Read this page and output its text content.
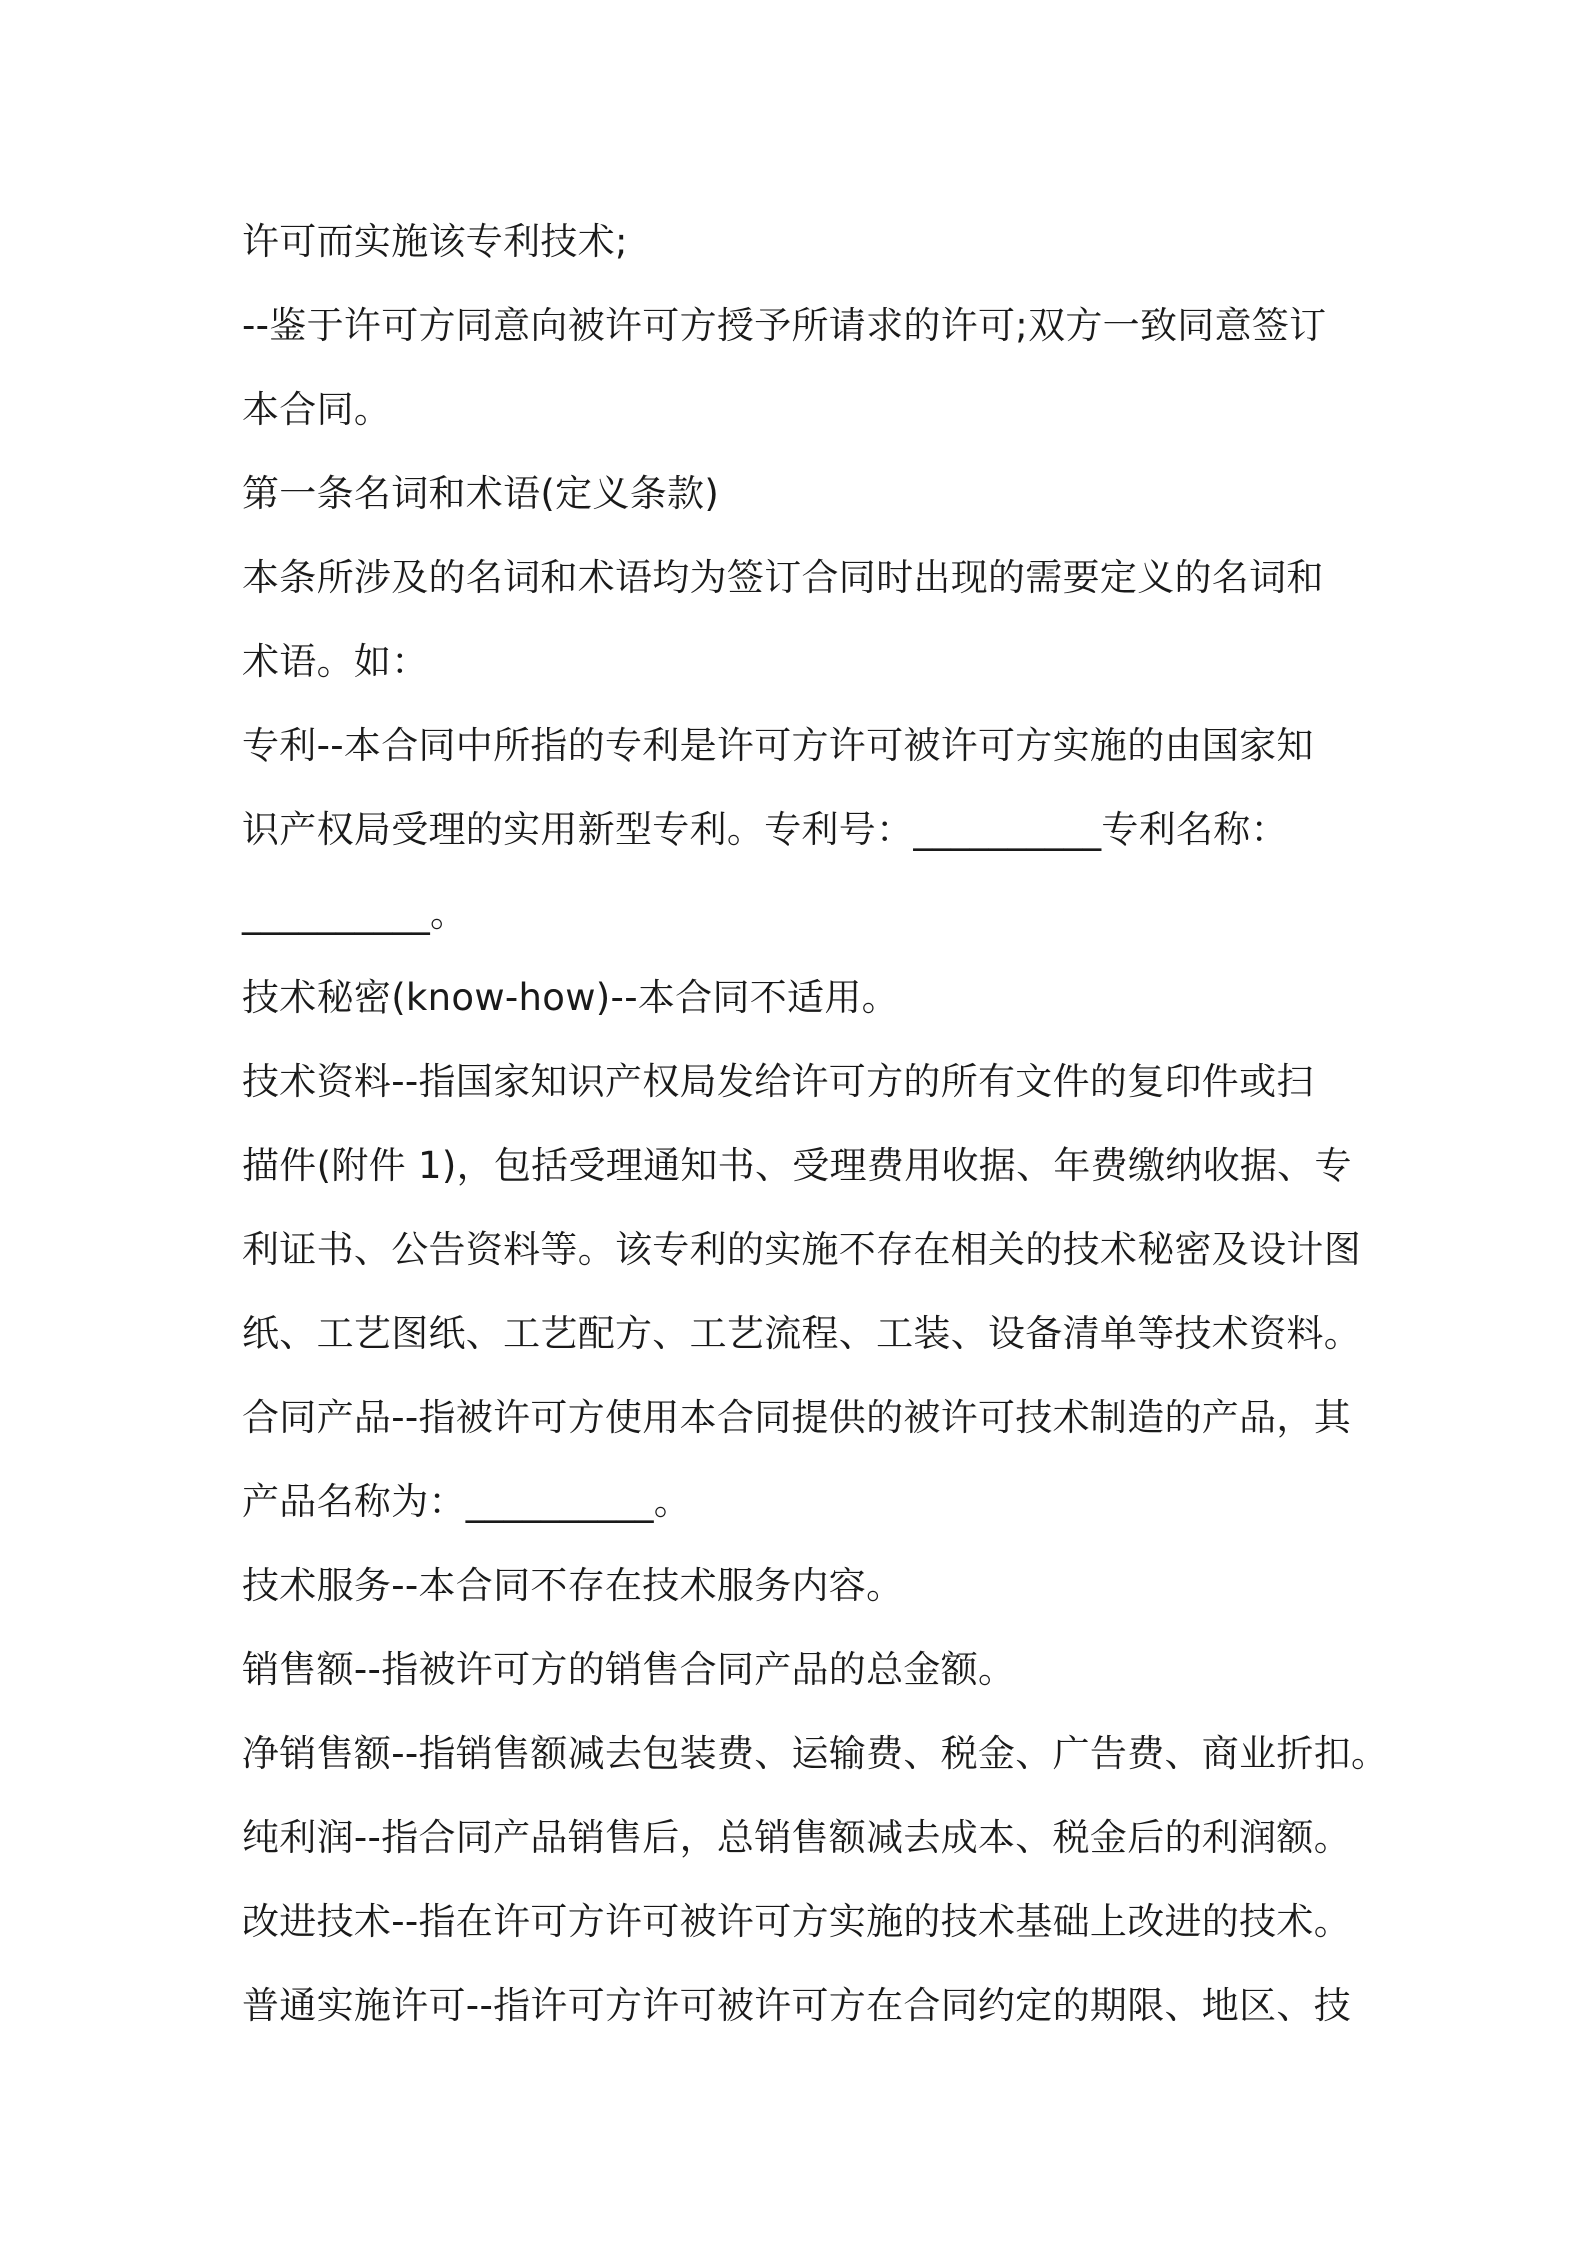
许可而实施该专利技术;
--鉴于许可方同意向被许可方授予所请求的许可;双方一致同意签订
本合同。
第一条名词和术语(定义条款)
本条所涉及的名词和术语均为签订合同时出现的需要定义的名词和
术语。如：
专利--本合同中所指的专利是许可方许可被许可方实施的由国家知
识产权局受理的实用新型专利。专利号：__________专利名称：
__________。
技术秘密(know-how)--本合同不适用。
技术资料--指国家知识产权局发给许可方的所有文件的复印件或扫
描件(附件 1)，包括受理通知书、受理费用收据、年费缴纳收据、专
利证书、公告资料等。该专利的实施不存在相关的技术秘密及设计图
纸、工艺图纸、工艺配方、工艺流程、工装、设备清单等技术资料。
合同产品--指被许可方使用本合同提供的被许可技术制造的产品，其
产品名称为：__________。
技术服务--本合同不存在技术服务内容。
销售额--指被许可方的销售合同产品的总金额。
净销售额--指销售额减去包装费、运输费、税金、广告费、商业折扣。
纯利润--指合同产品销售后，总销售额减去成本、税金后的利润额。
改进技术--指在许可方许可被许可方实施的技术基础上改进的技术。
普通实施许可--指许可方许可被许可方在合同约定的期限、地区、技
